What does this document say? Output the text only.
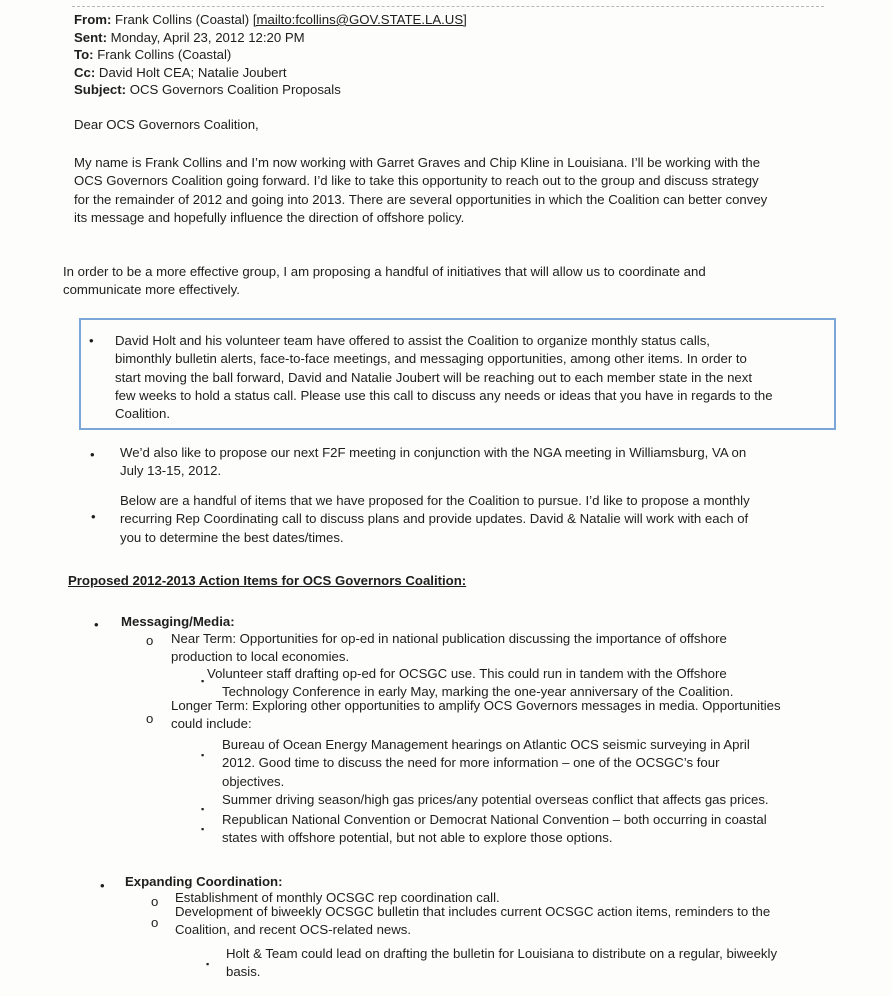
From: Frank Collins (Coastal) [mailto:fcollins@GOV.STATE.LA.US]
Sent: Monday, April 23, 2012 12:20 PM
To: Frank Collins (Coastal)
Cc: David Holt CEA; Natalie Joubert
Subject: OCS Governors Coalition Proposals
Dear OCS Governors Coalition,
My name is Frank Collins and I’m now working with Garret Graves and Chip Kline in Louisiana. I’ll be working with the
OCS Governors Coalition going forward. I’d like to take this opportunity to reach out to the group and discuss strategy
for the remainder of 2012 and going into 2013. There are several opportunities in which the Coalition can better convey
its message and hopefully influence the direction of offshore policy.
In order to be a more effective group, I am proposing a handful of initiatives that will allow us to coordinate and
communicate more effectively.
• David Holt and his volunteer team have offered to assist the Coalition to organize monthly status calls,
bimonthly bulletin alerts, face-to-face meetings, and messaging opportunities, among other items. In order to
start moving the ball forward, David and Natalie Joubert will be reaching out to each member state in the next
few weeks to hold a status call. Please use this call to discuss any needs or ideas that you have in regards to the
Coalition.
• We’d also like to propose our next F2F meeting in conjunction with the NGA meeting in Williamsburg, VA on
July 13-15, 2012.
•
Below are a handful of items that we have proposed for the Coalition to pursue. I’d like to propose a monthly
recurring Rep Coordinating call to discuss plans and provide updates. David & Natalie will work with each of
you to determine the best dates/times.
Proposed 2012-2013 Action Items for OCS Governors Coalition:
• Messaging/Media:
o Near Term: Opportunities for op-ed in national publication discussing the importance of offshore
production to local economies.
▪ Volunteer staff drafting op-ed for OCSGC use. This could run in tandem with the Offshore
Technology Conference in early May, marking the one-year anniversary of the Coalition.
o
Longer Term: Exploring other opportunities to amplify OCS Governors messages in media. Opportunities
could include:
▪
Bureau of Ocean Energy Management hearings on Atlantic OCS seismic surveying in April
2012. Good time to discuss the need for more information – one of the OCSGC’s four
objectives.
▪
Summer driving season/high gas prices/any potential overseas conflict that affects gas prices.
▪
Republican National Convention or Democrat National Convention – both occurring in coastal
states with offshore potential, but not able to explore those options.
• Expanding Coordination:
o Establishment of monthly OCSGC rep coordination call.
o
Development of biweekly OCSGC bulletin that includes current OCSGC action items, reminders to the
Coalition, and recent OCS-related news.
▪
Holt & Team could lead on drafting the bulletin for Louisiana to distribute on a regular, biweekly
basis.
